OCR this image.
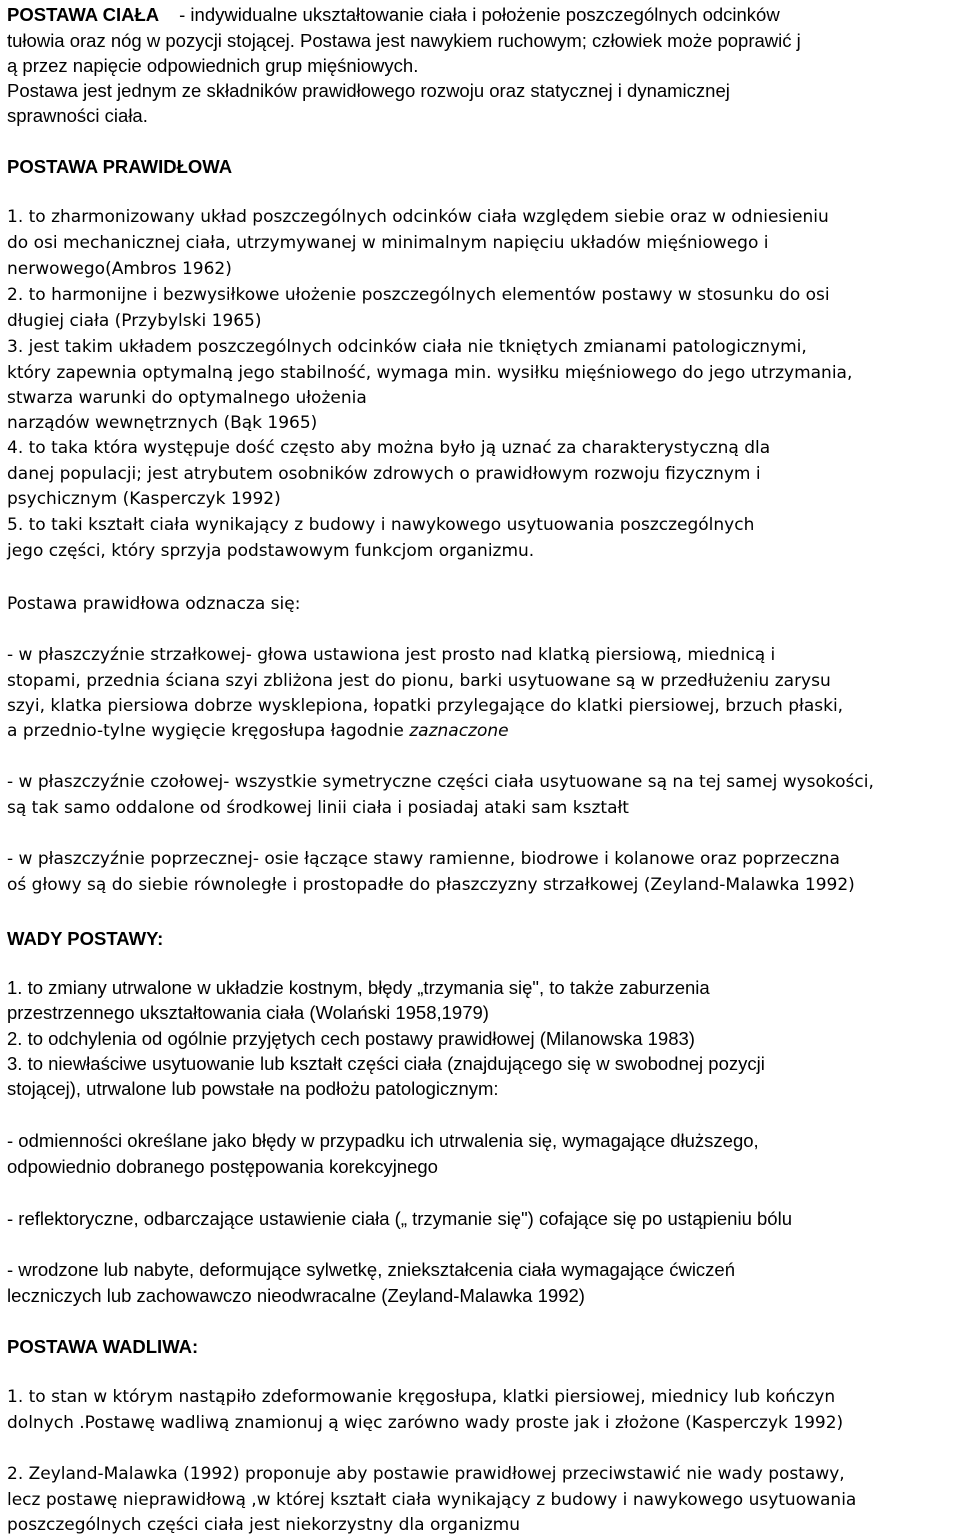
POSTAWA CIAŁA - indywidualne ukształtowanie ciała i położenie poszczególnych odcinków
tułowia oraz nóg w pozycji stojącej. Postawa jest nawykiem ruchowym; człowiek może poprawić j
ą przez napięcie odpowiednich grup mięśniowych.
Postawa jest jednym ze składników prawidłowego rozwoju oraz statycznej i dynamicznej
sprawności ciała.
POSTAWA PRAWIDŁOWA
1. to zharmonizowany układ poszczególnych odcinków ciała względem siebie oraz w odniesieniu
do osi mechanicznej ciała, utrzymywanej w minimalnym napięciu układów mięśniowego i
nerwowego(Ambros 1962)
2. to harmonijne i bezwysiłkowe ułożenie poszczególnych elementów postawy w stosunku do osi
długiej ciała (Przybylski 1965)
3. jest takim układem poszczególnych odcinków ciała nie tkniętych zmianami patologicznymi,
który zapewnia optymalną jego stabilność, wymaga min. wysiłku mięśniowego do jego utrzymania,
stwarza warunki do optymalnego ułożenia
narządów wewnętrznych (Bąk 1965)
4. to taka która występuje dość często aby można było ją uznać za charakterystyczną dla
danej populacji; jest atrybutem osobników zdrowych o prawidłowym rozwoju fizycznym i
psychicznym (Kasperczyk 1992)
5. to taki kształt ciała wynikający z budowy i nawykowego usytuowania poszczególnych
jego części, który sprzyja podstawowym funkcjom organizmu.
Postawa prawidłowa odznacza się:
- w płaszczyźnie strzałkowej- głowa ustawiona jest prosto nad klatką piersiową, miednicą i
stopami, przednia ściana szyi zbliżona jest do pionu, barki usytuowane są w przedłużeniu zarysu
szyi, klatka piersiowa dobrze wysklepiona, łopatki przylegające do klatki piersiowej, brzuch płaski,
a przednio-tylne wygięcie kręgosłupa łagodnie zaznaczone
- w płaszczyźnie czołowej- wszystkie symetryczne części ciała usytuowane są na tej samej wysokości,
są tak samo oddalone od środkowej linii ciała i posiadaj ataki sam kształt
- w płaszczyźnie poprzecznej- osie łączące stawy ramienne, biodrowe i kolanowe oraz poprzeczna
oś głowy są do siebie równoległe i prostopadłe do płaszczyzny strzałkowej (Zeyland-Malawka 1992)
WADY POSTAWY:
1. to zmiany utrwalone w układzie kostnym, błędy „trzymania się", to także zaburzenia
przestrzennego ukształtowania ciała (Wolański 1958,1979)
2. to odchylenia od ogólnie przyjętych cech postawy prawidłowej (Milanowska 1983)
3. to niewłaściwe usytuowanie lub kształt części ciała (znajdującego się w swobodnej pozycji
stojącej), utrwalone lub powstałe na podłożu patologicznym:
- odmienności określane jako błędy w przypadku ich utrwalenia się, wymagające dłuższego,
odpowiednio dobranego postępowania korekcyjnego
- reflektoryczne, odbarczające ustawienie ciała („ trzymanie się") cofające się po ustąpieniu bólu
- wrodzone lub nabyte, deformujące sylwetkę, zniekształcenia ciała wymagające ćwiczeń
leczniczych lub zachowawczo nieodwracalne (Zeyland-Malawka 1992)
POSTAWA WADLIWA:
1. to stan w którym nastąpiło zdeformowanie kręgosłupa, klatki piersiowej, miednicy lub kończyn
dolnych .Postawę wadliwą znamionuj ą więc zarówno wady proste jak i złożone (Kasperczyk 1992)
2. Zeyland-Malawka (1992) proponuje aby postawie prawidłowej przeciwstawić nie wady postawy,
lecz postawę nieprawidłową ,w której kształt ciała wynikający z budowy i nawykowego usytuowania
poszczególnych części ciała jest niekorzystny dla organizmu
